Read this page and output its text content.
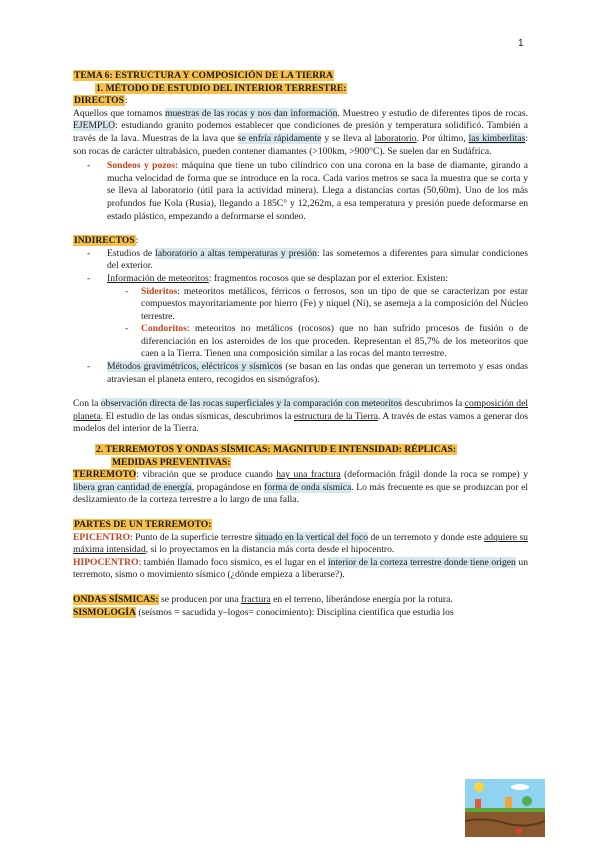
1

TEMA 6: ESTRUCTURA Y COMPOSICIÓN DE LA TIERRA

1. MÉTODO DE ESTUDIO DEL INTERIOR TERRESTRE:

DIRECTOS:

Aquellos que tomamos muestras de las rocas y nos dan información. Muestreo y estudio de diferentes tipos de rocas. EJEMPLO: estudiando granito podemos establecer que condiciones de presión y temperatura solidificó. También a través de la lava. Muestras de la lava que se enfría rápidamente y se lleva al laboratorio. Por último, las kimberlitas: son rocas de carácter ultrabásico, pueden contener diamantes (>100km, >900°C). Se suelen dar en Sudáfrica.

- Sondeos y pozos: máquina que tiene un tubo cilíndrico con una corona en la base de diamante, girando a mucha velocidad de forma que se introduce en la roca. Cada varios metros se saca la muestra que se corta y se lleva al laboratorio (útil para la actividad minera). Llega a distancias cortas (50,60m). Uno de los más profundos fue Kola (Rusia), llegando a 185C° y 12,262m, a esa temperatura y presión puede deformarse en estado plástico, empezando a deformarse el sondeo.

INDIRECTOS:

- Estudios de laboratorio a altas temperaturas y presión: las sometemos a diferentes para simular condiciones del exterior.
- Información de meteoritos: fragmentos rocosos que se desplazan por el exterior. Existen:
- Sideritos: meteoritos metálicos, férricos o ferrosos, son un tipo de que se caracterizan por estar compuestos mayoritariamente por hierro (Fe) y níquel (Ni), se asemeja a la composición del Núcleo terrestre.
- Condoritos: meteoritos no metálicos (rocosos) que no han sufrido procesos de fusión o de diferenciación en los asteroides de los que proceden. Representan el 85,7% de los meteoritos que caen a la Tierra. Tienen una composición similar a las rocas del manto terrestre.
- Métodos gravimétricos, eléctricos y sísmicos (se basan en las ondas que generan un terremoto y esas ondas atraviesan el planeta entero, recogidos en sismógrafos).

Con la observación directa de las rocas superficiales y la comparación con meteoritos descubrimos la composición del planeta. El estudio de las ondas sísmicas, descubrimos la estructura de la Tierra. A través de estas vamos a generar dos modelos del interior de la Tierra.

2. TERREMOTOS Y ONDAS SÍSMICAS: MAGNITUD E INTENSIDAD: RÉPLICAS:

MEDIDAS PREVENTIVAS:

TERREMOTO: vibración que se produce cuando hay una fractura (deformación frágil donde la roca se rompe) y libera gran cantidad de energía, propagándose en forma de onda sísmica. Lo más frecuente es que se produzcan por el deslizamiento de la corteza terrestre a lo largo de una falla.

PARTES DE UN TERREMOTO:

EPICENTRO: Punto de la superficie terrestre situado en la vertical del foco de un terremoto y donde este adquiere su máxima intensidad, si lo proyectamos en la distancia más corta desde el hipocentro.

HIPOCENTRO: también llamado foco sísmico, es el lugar en el interior de la corteza terrestre donde tiene origen un terremoto, sismo o movimiento sísmico (¿dónde empieza a liberarse?).

ONDAS SÍSMICAS: se producen por una fractura en el terreno, liberándose energía por la rotura.

SISMOLOGÍA (seísmos = sacudida y–logos= conocimiento): Disciplina científica que estudia los
